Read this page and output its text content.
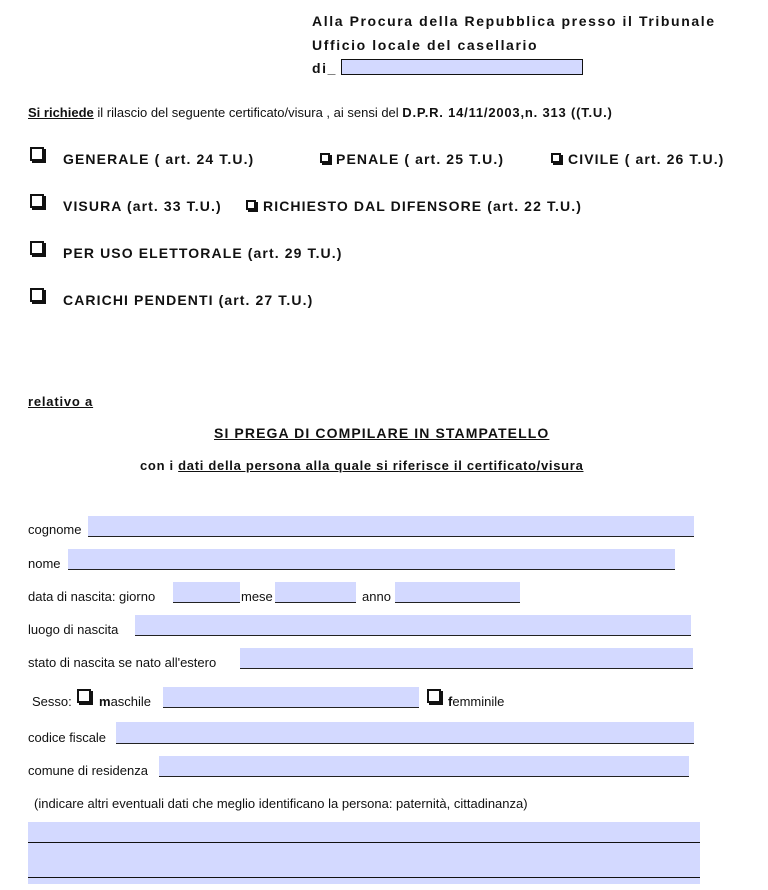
Alla Procura della Repubblica presso il Tribunale
Ufficio locale del casellario
di_
Si richiede il rilascio del seguente certificato/visura , ai sensi del D.P.R. 14/11/2003,n. 313 ((T.U.)
GENERALE ( art. 24 T.U.)	PENALE ( art. 25 T.U.)	CIVILE ( art. 26 T.U.)
VISURA (art. 33 T.U.)	RICHIESTO DAL DIFENSORE (art. 22 T.U.)
PER USO ELETTORALE (art. 29 T.U.)
CARICHI PENDENTI (art. 27 T.U.)
relativo a
SI PREGA DI COMPILARE IN STAMPATELLO
con i dati della persona alla quale si riferisce il certificato/visura
cognome
nome
data di nascita: giorno	mese	anno
luogo di nascita
stato di nascita se nato all'estero
Sesso: maschile	femminile
codice fiscale
comune di residenza
(indicare altri eventuali dati che meglio identificano la persona: paternità, cittadinanza)
